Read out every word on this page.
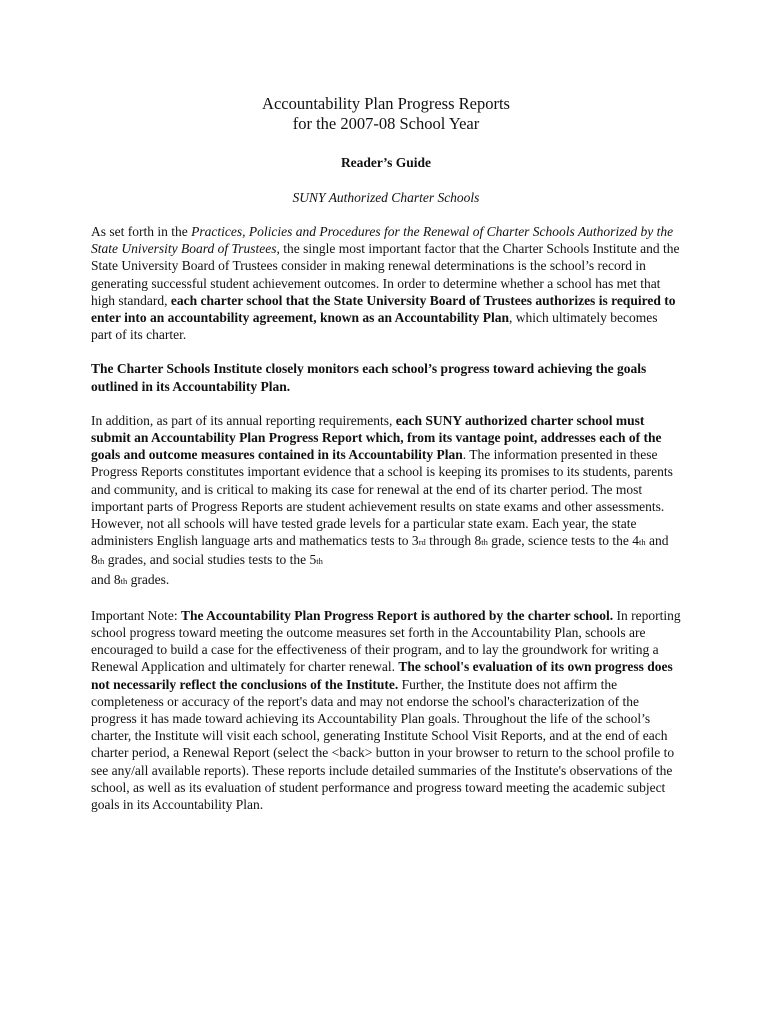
Accountability Plan Progress Reports
for the 2007-08 School Year

Reader’s Guide

SUNY Authorized Charter Schools

As set forth in the Practices, Policies and Procedures for the Renewal of Charter Schools Authorized by the State University Board of Trustees, the single most important factor that the Charter Schools Institute and the State University Board of Trustees consider in making renewal determinations is the school’s record in generating successful student achievement outcomes. In order to determine whether a school has met that high standard, each charter school that the State University Board of Trustees authorizes is required to enter into an accountability agreement, known as an Accountability Plan, which ultimately becomes part of its charter.

The Charter Schools Institute closely monitors each school’s progress toward achieving the goals outlined in its Accountability Plan.

In addition, as part of its annual reporting requirements, each SUNY authorized charter school must submit an Accountability Plan Progress Report which, from its vantage point, addresses each of the goals and outcome measures contained in its Accountability Plan. The information presented in these Progress Reports constitutes important evidence that a school is keeping its promises to its students, parents and community, and is critical to making its case for renewal at the end of its charter period. The most important parts of Progress Reports are student achievement results on state exams and other assessments. However, not all schools will have tested grade levels for a particular state exam. Each year, the state administers English language arts and mathematics tests to 3rd through 8th grade, science tests to the 4th and 8th grades, and social studies tests to the 5th
and 8th grades.

Important Note: The Accountability Plan Progress Report is authored by the charter school. In reporting school progress toward meeting the outcome measures set forth in the Accountability Plan, schools are encouraged to build a case for the effectiveness of their program, and to lay the groundwork for writing a Renewal Application and ultimately for charter renewal. The school's evaluation of its own progress does not necessarily reflect the conclusions of the Institute. Further, the Institute does not affirm the completeness or accuracy of the report's data and may not endorse the school's characterization of the progress it has made toward achieving its Accountability Plan goals. Throughout the life of the school’s charter, the Institute will visit each school, generating Institute School Visit Reports, and at the end of each charter period, a Renewal Report (select the <back> button in your browser to return to the school profile to see any/all available reports). These reports include detailed summaries of the Institute's observations of the school, as well as its evaluation of student performance and progress toward meeting the academic subject goals in its Accountability Plan.
